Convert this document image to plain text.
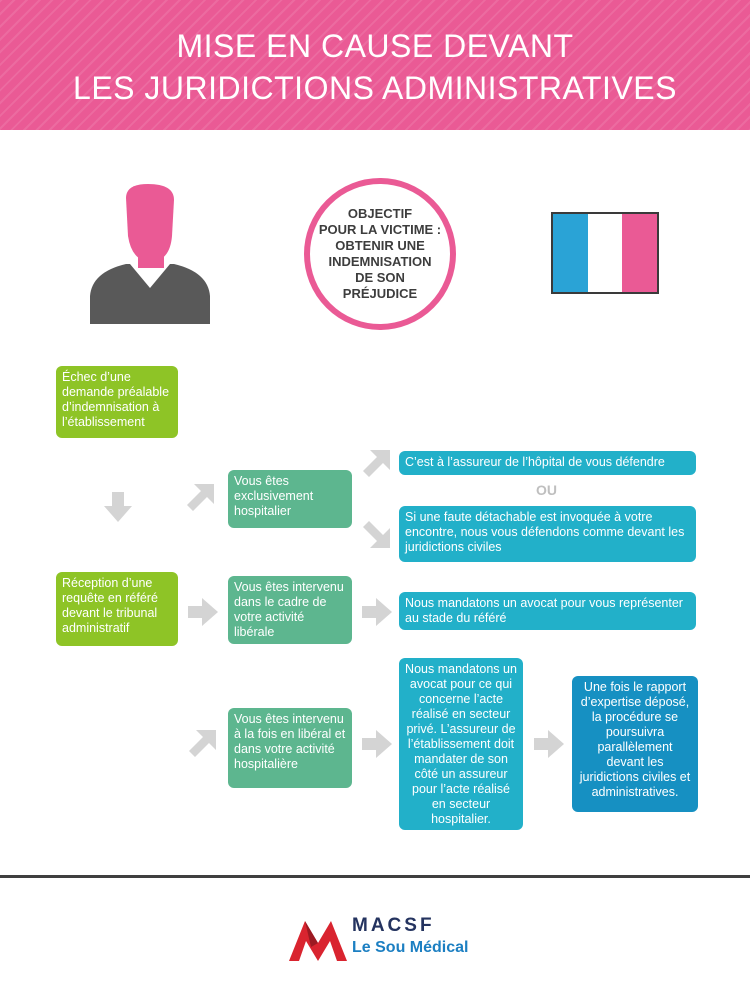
MISE EN CAUSE DEVANT
LES JURIDICTIONS ADMINISTRATIVES
OBJECTIF
POUR LA VICTIME :
OBTENIR UNE
INDEMNISATION
DE SON
PRÉJUDICE
Échec d’une demande préalable d’indemnisation à l’établissement
Réception d’une requête en référé devant le tribunal administratif
Vous êtes exclusivement hospitalier
Vous êtes intervenu dans le cadre de votre activité libérale
Vous êtes intervenu à la fois en libéral et dans votre activité hospitalière
C’est à l’assureur de l’hôpital de vous défendre
OU
Si une faute détachable est invoquée à votre encontre, nous vous défendons comme devant les juridictions civiles
Nous mandatons un avocat pour vous représenter au stade du référé
Nous mandatons un avocat pour ce qui concerne l’acte réalisé en secteur privé. L’assureur de l’établissement doit mandater de son côté un assureur pour l’acte réalisé en secteur hospitalier.
Une fois le rapport d’expertise déposé, la procédure se poursuivra parallèlement devant les juridictions civiles et administratives.
MACSF
Le Sou Médical
